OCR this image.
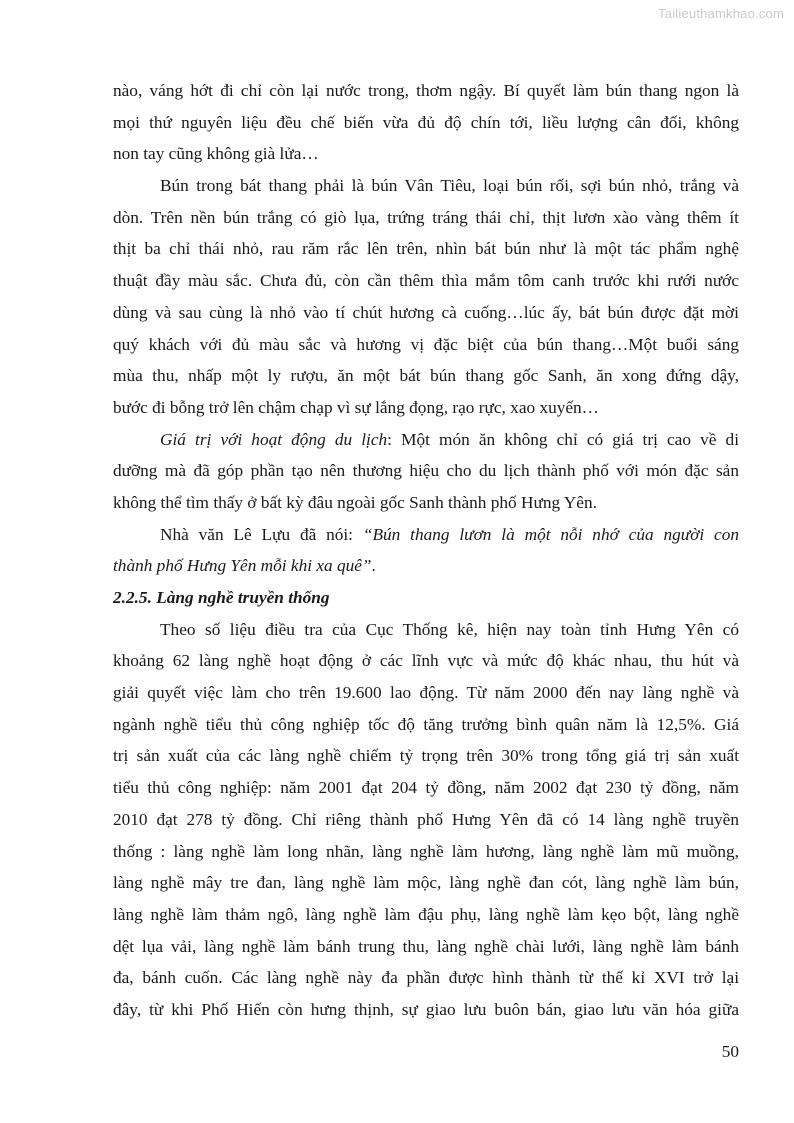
Tailieuthamkhao.com
nào, váng hớt đi chỉ còn lại nước trong, thơm ngậy. Bí quyết làm bún thang ngon là
mọi thứ nguyên liệu đều chế biến vừa đủ độ chín tới, liều lượng cân đối, không
non tay cũng không già lửa…
Bún trong bát thang phải là bún Vân Tiêu, loại bún rối, sợi bún nhỏ, trắng và
dòn. Trên nền bún trắng có giò lụa, trứng tráng thái chỉ, thịt lươn xào vàng thêm ít
thịt ba chỉ thái nhỏ, rau răm rắc lên trên, nhìn bát bún như là một tác phẩm nghệ
thuật đầy màu sắc. Chưa đủ, còn cần thêm thìa mắm tôm canh trước khi rưới nước
dùng và sau cùng là nhỏ vào tí chút hương cà cuống…lúc ấy, bát bún được đặt mời
quý khách với đủ màu sắc và hương vị đặc biệt của bún thang…Một buổi sáng
mùa thu, nhấp một ly rượu, ăn một bát bún thang gốc Sanh, ăn xong đứng dậy,
bước đi bỗng trở lên chậm chạp vì sự lắng đọng, rạo rực, xao xuyến…
Giá trị với hoạt động du lịch: Một món ăn không chỉ có giá trị cao về di
dưỡng mà đã góp phần tạo nên thương hiệu cho du lịch thành phố với món đặc sản
không thể tìm thấy ở bất kỳ đâu ngoài gốc Sanh thành phố Hưng Yên.
Nhà văn Lê Lựu đã nói: “Bún thang lươn là một nỗi nhớ của người con
thành phố Hưng Yên mỗi khi xa quê”.
2.2.5. Làng nghề truyền thống
Theo số liệu điều tra của Cục Thống kê, hiện nay toàn tỉnh Hưng Yên có
khoảng 62 làng nghề hoạt động ở các lĩnh vực và mức độ khác nhau, thu hút và
giải quyết việc làm cho trên 19.600 lao động. Từ năm 2000 đến nay làng nghề và
ngành nghề tiểu thủ công nghiệp tốc độ tăng trưởng bình quân năm là 12,5%. Giá
trị sản xuất của các làng nghề chiếm tỷ trọng trên 30% trong tổng giá trị sản xuất
tiểu thủ công nghiệp: năm 2001 đạt 204 tỷ đồng, năm 2002 đạt 230 tỷ đồng, năm
2010 đạt 278 tỷ đồng. Chỉ riêng thành phố Hưng Yên đã có 14 làng nghề truyền
thống : làng nghề làm long nhãn, làng nghề làm hương, làng nghề làm mũ muồng,
làng nghề mây tre đan, làng nghề làm mộc, làng nghề đan cót, làng nghề làm bún,
làng nghề làm thảm ngô, làng nghề làm đậu phụ, làng nghề làm kẹo bột, làng nghề
dệt lụa vải, làng nghề làm bánh trung thu, làng nghề chài lưới, làng nghề làm bánh
đa, bánh cuốn. Các làng nghề này đa phần được hình thành từ thế kỉ XVI trở lại
đây, từ khi Phố Hiến còn hưng thịnh, sự giao lưu buôn bán, giao lưu văn hóa giữa
50
